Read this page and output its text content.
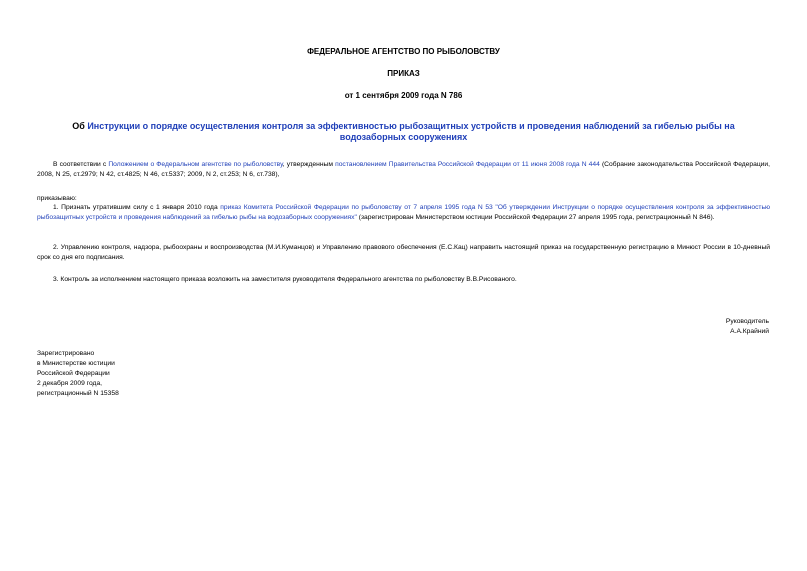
ФЕДЕРАЛЬНОЕ АГЕНТСТВО ПО РЫБОЛОВСТВУ
ПРИКАЗ
от 1 сентября 2009 года N 786
Об Инструкции о порядке осуществления контроля за эффективностью рыбозащитных устройств и проведения наблюдений за гибелью рыбы на водозаборных сооружениях
В соответствии с Положением о Федеральном агентстве по рыболовству, утвержденным постановлением Правительства Российской Федерации от 11 июня 2008 года N 444 (Собрание законодательства Российской Федерации, 2008, N 25, ст.2979; N 42, ст.4825; N 46, ст.5337; 2009, N 2, ст.253; N 6, ст.738),
приказываю:
1. Признать утратившим силу с 1 января 2010 года приказ Комитета Российской Федерации по рыболовству от 7 апреля 1995 года N 53 "Об утверждении Инструкции о порядке осуществления контроля за эффективностью рыбозащитных устройств и проведения наблюдений за гибелью рыбы на водозаборных сооружениях" (зарегистрирован Министерством юстиции Российской Федерации 27 апреля 1995 года, регистрационный N 846).
2. Управлению контроля, надзора, рыбоохраны и воспроизводства (М.И.Куманцов) и Управлению правового обеспечения (Е.С.Кац) направить настоящий приказ на государственную регистрацию в Минюст России в 10-дневный срок со дня его подписания.
3. Контроль за исполнением настоящего приказа возложить на заместителя руководителя Федерального агентства по рыболовству В.В.Рисованого.
Руководитель
А.А.Крайний
Зарегистрировано
в Министерстве юстиции
Российской Федерации
2 декабря 2009 года,
регистрационный N 15358
